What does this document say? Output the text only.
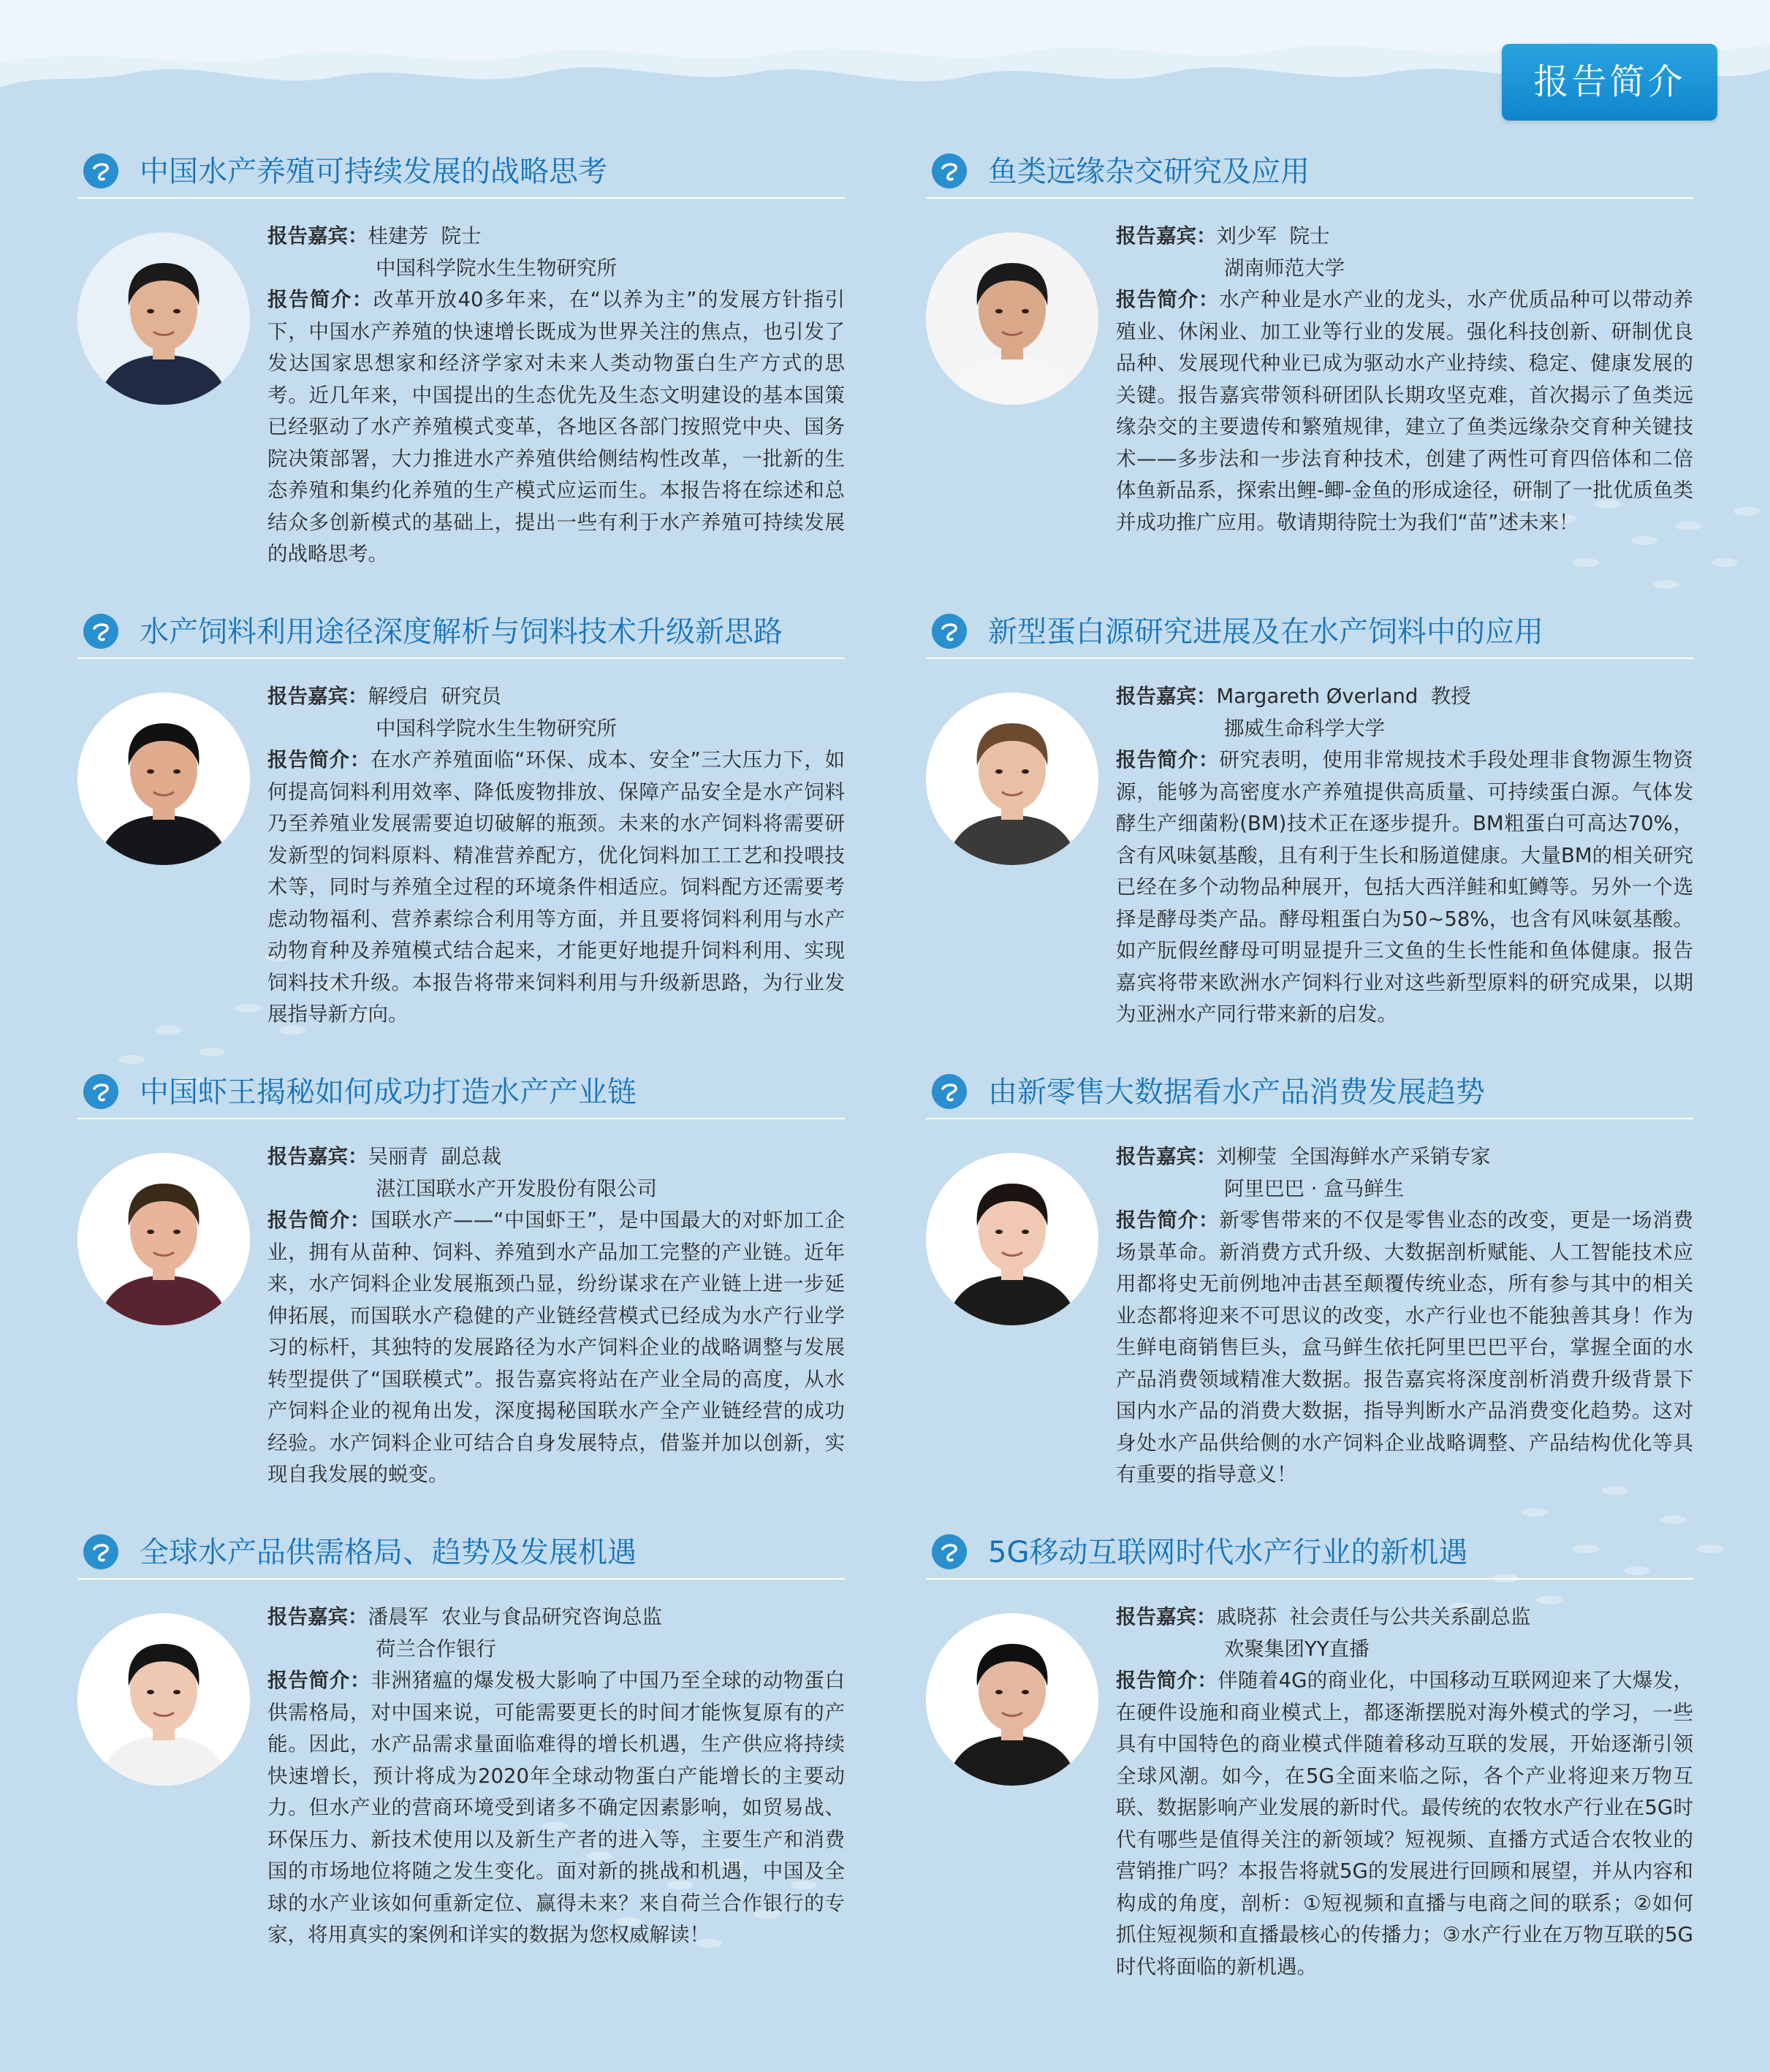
报告简介
中国水产养殖可持续发展的战略思考
报告嘉宾：桂建芳  院士
中国科学院水生生物研究所
报告简介：改革开放40多年来，在“以养为主”的发展方针指引下，中国水产养殖的快速增长既成为世界关注的焦点，也引发了发达国家思想家和经济学家对未来人类动物蛋白生产方式的思考。近几年来，中国提出的生态优先及生态文明建设的基本国策已经驱动了水产养殖模式变革，各地区各部门按照党中央、国务院决策部署，大力推进水产养殖供给侧结构性改革，一批新的生态养殖和集约化养殖的生产模式应运而生。本报告将在综述和总结众多创新模式的基础上，提出一些有利于水产养殖可持续发展的战略思考。
鱼类远缘杂交研究及应用
报告嘉宾：刘少军  院士
湖南师范大学
报告简介：水产种业是水产业的龙头，水产优质品种可以带动养殖业、休闲业、加工业等行业的发展。强化科技创新、研制优良品种、发展现代种业已成为驱动水产业持续、稳定、健康发展的关键。报告嘉宾带领科研团队长期攻坚克难，首次揭示了鱼类远缘杂交的主要遗传和繁殖规律，建立了鱼类远缘杂交育种关键技术——多步法和一步法育种技术，创建了两性可育四倍体和二倍体鱼新品系，探索出鲤-鲫-金鱼的形成途径，研制了一批优质鱼类并成功推广应用。敬请期待院士为我们“苗”述未来！
水产饲料利用途径深度解析与饲料技术升级新思路
报告嘉宾：解绶启  研究员
中国科学院水生生物研究所
报告简介：在水产养殖面临“环保、成本、安全”三大压力下，如何提高饲料利用效率、降低废物排放、保障产品安全是水产饲料乃至养殖业发展需要迫切破解的瓶颈。未来的水产饲料将需要研发新型的饲料原料、精准营养配方，优化饲料加工工艺和投喂技术等，同时与养殖全过程的环境条件相适应。饲料配方还需要考虑动物福利、营养素综合利用等方面，并且要将饲料利用与水产动物育种及养殖模式结合起来，才能更好地提升饲料利用、实现饲料技术升级。本报告将带来饲料利用与升级新思路，为行业发展指导新方向。
新型蛋白源研究进展及在水产饲料中的应用
报告嘉宾：Margareth Øverland  教授
挪威生命科学大学
报告简介：研究表明，使用非常规技术手段处理非食物源生物资源，能够为高密度水产养殖提供高质量、可持续蛋白源。气体发酵生产细菌粉(BM)技术正在逐步提升。BM粗蛋白可高达70%，含有风味氨基酸，且有利于生长和肠道健康。大量BM的相关研究已经在多个动物品种展开，包括大西洋鲑和虹鳟等。另外一个选择是酵母类产品。酵母粗蛋白为50~58%，也含有风味氨基酸。如产朊假丝酵母可明显提升三文鱼的生长性能和鱼体健康。报告嘉宾将带来欧洲水产饲料行业对这些新型原料的研究成果，以期为亚洲水产同行带来新的启发。
中国虾王揭秘如何成功打造水产产业链
报告嘉宾：吴丽青  副总裁
湛江国联水产开发股份有限公司
报告简介：国联水产——“中国虾王”，是中国最大的对虾加工企业，拥有从苗种、饲料、养殖到水产品加工完整的产业链。近年来，水产饲料企业发展瓶颈凸显，纷纷谋求在产业链上进一步延伸拓展，而国联水产稳健的产业链经营模式已经成为水产行业学习的标杆，其独特的发展路径为水产饲料企业的战略调整与发展转型提供了“国联模式”。报告嘉宾将站在产业全局的高度，从水产饲料企业的视角出发，深度揭秘国联水产全产业链经营的成功经验。水产饲料企业可结合自身发展特点，借鉴并加以创新，实现自我发展的蜕变。
由新零售大数据看水产品消费发展趋势
报告嘉宾：刘柳莹  全国海鲜水产采销专家
阿里巴巴 · 盒马鲜生
报告简介：新零售带来的不仅是零售业态的改变，更是一场消费场景革命。新消费方式升级、大数据剖析赋能、人工智能技术应用都将史无前例地冲击甚至颠覆传统业态，所有参与其中的相关业态都将迎来不可思议的改变，水产行业也不能独善其身！作为生鲜电商销售巨头，盒马鲜生依托阿里巴巴平台，掌握全面的水产品消费领域精准大数据。报告嘉宾将深度剖析消费升级背景下国内水产品的消费大数据，指导判断水产品消费变化趋势。这对身处水产品供给侧的水产饲料企业战略调整、产品结构优化等具有重要的指导意义！
全球水产品供需格局、趋势及发展机遇
报告嘉宾：潘晨军  农业与食品研究咨询总监
荷兰合作银行
报告简介：非洲猪瘟的爆发极大影响了中国乃至全球的动物蛋白供需格局，对中国来说，可能需要更长的时间才能恢复原有的产能。因此，水产品需求量面临难得的增长机遇，生产供应将持续快速增长，预计将成为2020年全球动物蛋白产能增长的主要动力。但水产业的营商环境受到诸多不确定因素影响，如贸易战、环保压力、新技术使用以及新生产者的进入等，主要生产和消费国的市场地位将随之发生变化。面对新的挑战和机遇，中国及全球的水产业该如何重新定位、赢得未来？来自荷兰合作银行的专家，将用真实的案例和详实的数据为您权威解读！
5G移动互联网时代水产行业的新机遇
报告嘉宾：戚晓荪  社会责任与公共关系副总监
欢聚集团YY直播
报告简介：伴随着4G的商业化，中国移动互联网迎来了大爆发，在硬件设施和商业模式上，都逐渐摆脱对海外模式的学习，一些具有中国特色的商业模式伴随着移动互联的发展，开始逐渐引领全球风潮。如今，在5G全面来临之际，各个产业将迎来万物互联、数据影响产业发展的新时代。最传统的农牧水产行业在5G时代有哪些是值得关注的新领域？短视频、直播方式适合农牧业的营销推广吗？本报告将就5G的发展进行回顾和展望，并从内容和构成的角度，剖析：①短视频和直播与电商之间的联系；②如何抓住短视频和直播最核心的传播力；③水产行业在万物互联的5G时代将面临的新机遇。
